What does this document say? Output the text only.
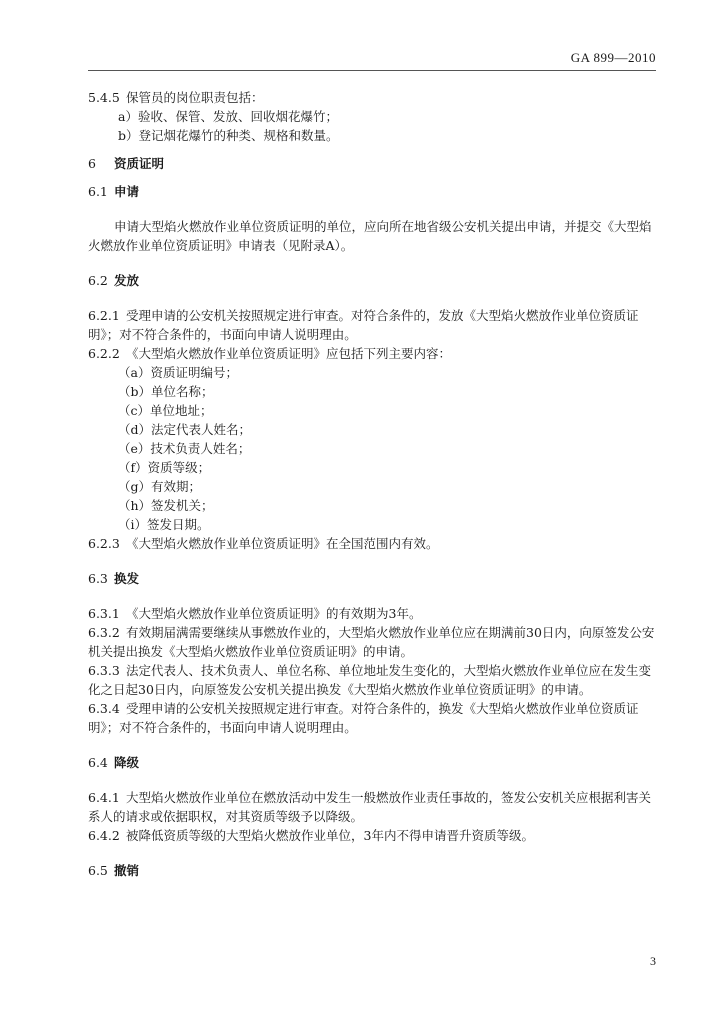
GA 899—2010
5.4.5 保管员的岗位职责包括：
a）验收、保管、发放、回收烟花爆竹；
b）登记烟花爆竹的种类、规格和数量。
6 资质证明
6.1 申请
申请大型焰火燃放作业单位资质证明的单位，应向所在地省级公安机关提出申请，并提交《大型焰火燃放作业单位资质证明》申请表（见附录A）。
6.2 发放
6.2.1 受理申请的公安机关按照规定进行审查。对符合条件的，发放《大型焰火燃放作业单位资质证明》；对不符合条件的，书面向申请人说明理由。
6.2.2 《大型焰火燃放作业单位资质证明》应包括下列主要内容：
（a）资质证明编号；
（b）单位名称；
（c）单位地址；
（d）法定代表人姓名；
（e）技术负责人姓名；
（f）资质等级；
（g）有效期；
（h）签发机关；
（i）签发日期。
6.2.3 《大型焰火燃放作业单位资质证明》在全国范围内有效。
6.3 换发
6.3.1 《大型焰火燃放作业单位资质证明》的有效期为3年。
6.3.2 有效期届满需要继续从事燃放作业的，大型焰火燃放作业单位应在期满前30日内，向原签发公安机关提出换发《大型焰火燃放作业单位资质证明》的申请。
6.3.3 法定代表人、技术负责人、单位名称、单位地址发生变化的，大型焰火燃放作业单位应在发生变化之日起30日内，向原签发公安机关提出换发《大型焰火燃放作业单位资质证明》的申请。
6.3.4 受理申请的公安机关按照规定进行审查。对符合条件的，换发《大型焰火燃放作业单位资质证明》；对不符合条件的，书面向申请人说明理由。
6.4 降级
6.4.1 大型焰火燃放作业单位在燃放活动中发生一般燃放作业责任事故的，签发公安机关应根据利害关系人的请求或依据职权，对其资质等级予以降级。
6.4.2 被降低资质等级的大型焰火燃放作业单位，3年内不得申请晋升资质等级。
6.5 撤销
3
